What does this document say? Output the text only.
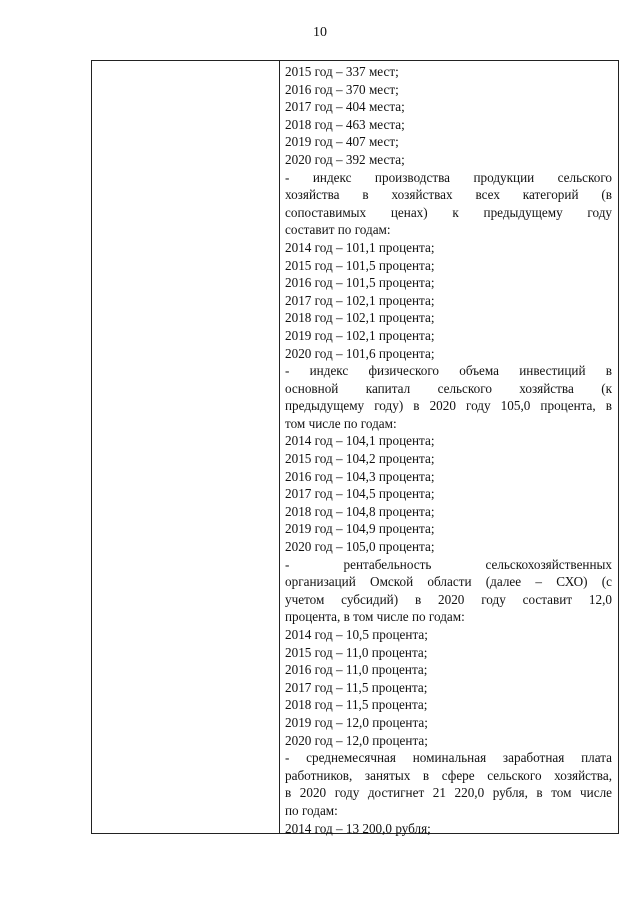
10
2015 год – 337 мест;
2016 год – 370 мест;
2017 год – 404 места;
2018 год – 463 места;
2019 год – 407 мест;
2020 год – 392 места;
- индекс производства продукции сельского
хозяйства в хозяйствах всех категорий (в
сопоставимых ценах) к предыдущему году
составит по годам:
2014 год – 101,1 процента;
2015 год – 101,5 процента;
2016 год – 101,5 процента;
2017 год – 102,1 процента;
2018 год – 102,1 процента;
2019 год – 102,1 процента;
2020 год – 101,6 процента;
- индекс физического объема инвестиций в
основной капитал сельского хозяйства (к
предыдущему году) в 2020 году 105,0 процента, в
том числе по годам:
2014 год – 104,1 процента;
2015 год – 104,2 процента;
2016 год – 104,3 процента;
2017 год – 104,5 процента;
2018 год – 104,8 процента;
2019 год – 104,9 процента;
2020 год – 105,0 процента;
- рентабельность сельскохозяйственных
организаций Омской области (далее – СХО) (с
учетом субсидий) в 2020 году составит 12,0
процента, в том числе по годам:
2014 год – 10,5 процента;
2015 год – 11,0 процента;
2016 год – 11,0 процента;
2017 год – 11,5 процента;
2018 год – 11,5 процента;
2019 год – 12,0 процента;
2020 год – 12,0 процента;
- среднемесячная номинальная заработная плата
работников, занятых в сфере сельского хозяйства,
в 2020 году достигнет 21 220,0 рубля, в том числе
по годам:
2014 год – 13 200,0 рубля;
